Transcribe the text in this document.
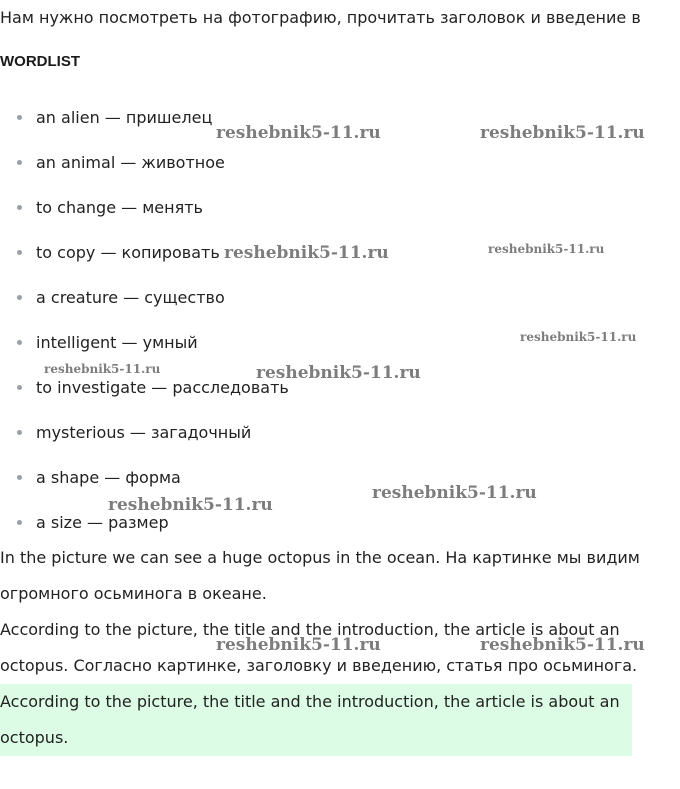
Нам нужно посмотреть на фотографию, прочитать заголовок и введение в

WORDLIST
an alien — пришелец
an animal — животное
to change — менять
to copy — копировать
a creature — существо
intelligent — умный
to investigate — расследовать
mysterious — загадочный
a shape — форма
a size — размер

In the picture we can see a huge octopus in the ocean. На картинке мы видим огромного осьминога в океане.

According to the picture, the title and the introduction, the article is about an octopus. Согласно картинке, заголовку и введению, статья про осьминога.

According to the picture, the title and the introduction, the article is about an octopus.

reshebnik5-11.ru	reshebnik5-11.ru
reshebnik5-11.ru	reshebnik5-11.ru
reshebnik5-11.ru
reshebnik5-11.ru	reshebnik5-11.ru
reshebnik5-11.ru
reshebnik5-11.ru
reshebnik5-11.ru	reshebnik5-11.ru
